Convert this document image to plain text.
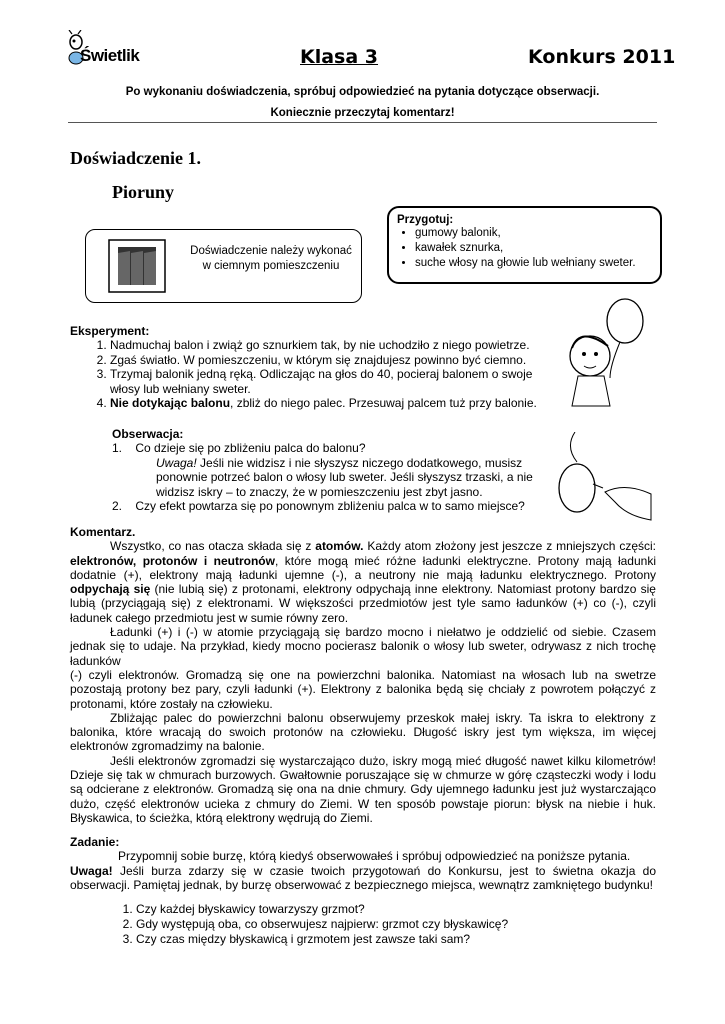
Świetlik	Klasa 3	Konkurs 2011
Po wykonaniu doświadczenia, spróbuj odpowiedzieć na pytania dotyczące obserwacji.
Koniecznie przeczytaj komentarz!
Doświadczenie 1.
Pioruny
Przygotuj:
• gumowy balonik,
• kawałek sznurka,
• suche włosy na głowie lub wełniany sweter.
Doświadczenie należy wykonać w ciemnym pomieszczeniu
Eksperyment:
1. Nadmuchaj balon i zwiąż go sznurkiem tak, by nie uchodziło z niego powietrze.
2. Zgaś światło. W pomieszczeniu, w którym się znajdujesz powinno być ciemno.
3. Trzymaj balonik jedną ręką. Odliczając na głos do 40, pocieraj balonem o swoje włosy lub wełniany sweter.
4. Nie dotykając balonu, zbliż do niego palec. Przesuwaj palcem tuż przy balonie.
Obserwacja:
1.    Co dzieje się po zbliżeniu palca do balonu?
Uwaga! Jeśli nie widzisz i nie słyszysz niczego dodatkowego, musisz ponownie potrzeć balon o włosy lub sweter. Jeśli słyszysz trzaski, a nie widzisz iskry – to znaczy, że w pomieszczeniu jest zbyt jasno.
2.    Czy efekt powtarza się po ponownym zbliżeniu palca w to samo miejsce?
Komentarz.
Wszystko, co nas otacza składa się z atomów. Każdy atom złożony jest jeszcze z mniejszych części: elektronów, protonów i neutronów, które mogą mieć różne ładunki elektryczne. Protony mają ładunki dodatnie (+), elektrony mają ładunki ujemne (-), a neutrony nie mają ładunku elektrycznego. Protony odpychają się (nie lubią się) z protonami, elektrony odpychają inne elektrony. Natomiast protony bardzo się lubią (przyciągają się) z elektronami. W większości przedmiotów jest tyle samo ładunków (+) co (-), czyli ładunek całego przedmiotu jest w sumie równy zero.
Ładunki (+) i (-) w atomie przyciągają się bardzo mocno i niełatwo je oddzielić od siebie. Czasem jednak się to udaje. Na przykład, kiedy mocno pocierasz balonik o włosy lub sweter, odrywasz z nich trochę ładunków
(-) czyli elektronów. Gromadzą się one na powierzchni balonika. Natomiast na włosach lub na swetrze pozostają protony bez pary, czyli ładunki (+). Elektrony z balonika będą się chciały z powrotem połączyć z protonami, które zostały na człowieku.
Zbliżając palec do powierzchni balonu obserwujemy przeskok małej iskry. Ta iskra to elektrony z balonika, które wracają do swoich protonów na człowieku. Długość iskry jest tym większa, im więcej elektronów zgromadzimy na balonie.
Jeśli elektronów zgromadzi się wystarczająco dużo, iskry mogą mieć długość nawet kilku kilometrów! Dzieje się tak w chmurach burzowych. Gwałtownie poruszające się w chmurze w górę cząsteczki wody i lodu są odcierane z elektronów. Gromadzą się ona na dnie chmury. Gdy ujemnego ładunku jest już wystarczająco dużo, część elektronów ucieka z chmury do Ziemi. W ten sposób powstaje piorun: błysk na niebie i huk. Błyskawica, to ścieżka, którą elektrony wędrują do Ziemi.
Zadanie:
Przypomnij sobie burzę, którą kiedyś obserwowałeś i spróbuj odpowiedzieć na poniższe pytania.
Uwaga! Jeśli burza zdarzy się w czasie twoich przygotowań do Konkursu, jest to świetna okazja do obserwacji. Pamiętaj jednak, by burzę obserwować z bezpiecznego miejsca, wewnątrz zamkniętego budynku!
1. Czy każdej błyskawicy towarzyszy grzmot?
2. Gdy występują oba, co obserwujesz najpierw: grzmot czy błyskawicę?
3. Czy czas między błyskawicą i grzmotem jest zawsze taki sam?
